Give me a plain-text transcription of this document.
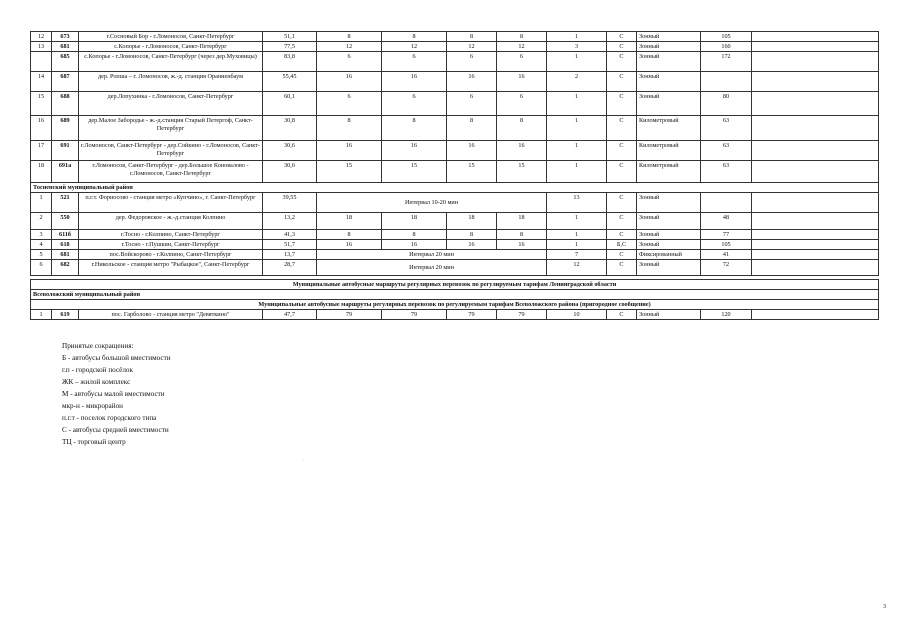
12	673	г.Сосновый Бор - г.Ломоносов, Санкт-Петербург	51,1	8	8	8	8	1	С	Зонный	105	
13	681	с.Копорье - г.Ломоносов, Санкт-Петербург	77,5	12	12	12	12	3	С	Зонный	160	
	685	с.Копорье - г.Ломоносов, Санкт-Петербург (через дер.Муховицы)	83,8	6	6	6	6	1	С	Зонный	172	
14	687	дер. Ропша – г. Ломоносов, ж.-д. станция Ораниенбаум	55,45	16	16	16	16	2	С	Зонный		
15	688	дер.Лопухинка - г.Ломоносов, Санкт-Петербург	60,1	6	6	6	6	1	С	Зонный	80	
16	689	дер.Малое Забородье - ж.-д.станция Старый Петергоф, Санкт-Петербург	30,8	8	8	8	8	1	С	Километровый	63	
17	691	г.Ломоносов, Санкт-Петербург - дер.Сойкино - г.Ломоносов, Санкт-Петербург	30,6	16	16	16	16	1	С	Километровый	63	
18	691а	г.Ломоносов, Санкт-Петербург - дер.Большое Коновалово - г.Ломоносов, Санкт-Петербург	30,6	15	15	15	15	1	С	Километровый	63	
Тосненский муниципальный район												
1	521	п.г.т. Форносово - станция метро «Купчино», г. Санкт-Петербург	39,55	Интервал 10-20 мин				13	С	Зонный		
2	550	дер. Федоровское - ж.-д.станция Колпино	13,2	18	18	18	18	1	С	Зонный	48	
3	611б	г.Тосно - г.Колпино, Санкт-Петербург	41,3	8	8	8	8	1	С	Зонный	77	
4	618	г.Тосно - г.Пушкин, Санкт-Петербург	51,7	16	16	16	16	1	Б,С	Зонный	105	
5	681	пос.Войскорово - г.Колпино, Санкт-Петербург	13,7	Интервал 20 мин				7	С	Фиксированный	41	
6	682	г.Никольское - станция метро "Рыбацкое", Санкт-Петербург	28,7	Интервал 20 мин				12	С	Зонный	72	

Муниципальные автобусные маршруты регулярных перевозок по регулируемым тарифам Ленинградской области												
Всеволожский муниципальный район												
Муниципальные автобусные маршруты регулярных перевозок по регулируемым тарифам Всеволожского района (пригородное сообщение)												
1	619	пос. Гарболово - станция метро "Девяткино"	47,7	79	79	79	79	10	С	Зонный	120	
Принятые сокращения:
Б - автобусы большой вместимости
г.п - городской посёлок
ЖК – жилой комплекс
М - автобусы малой вместимости
мкр-н - микрорайон
п.г.т - поселок городского типа
С - автобусы средней вместимости
ТЦ - торговый центр
·
3
